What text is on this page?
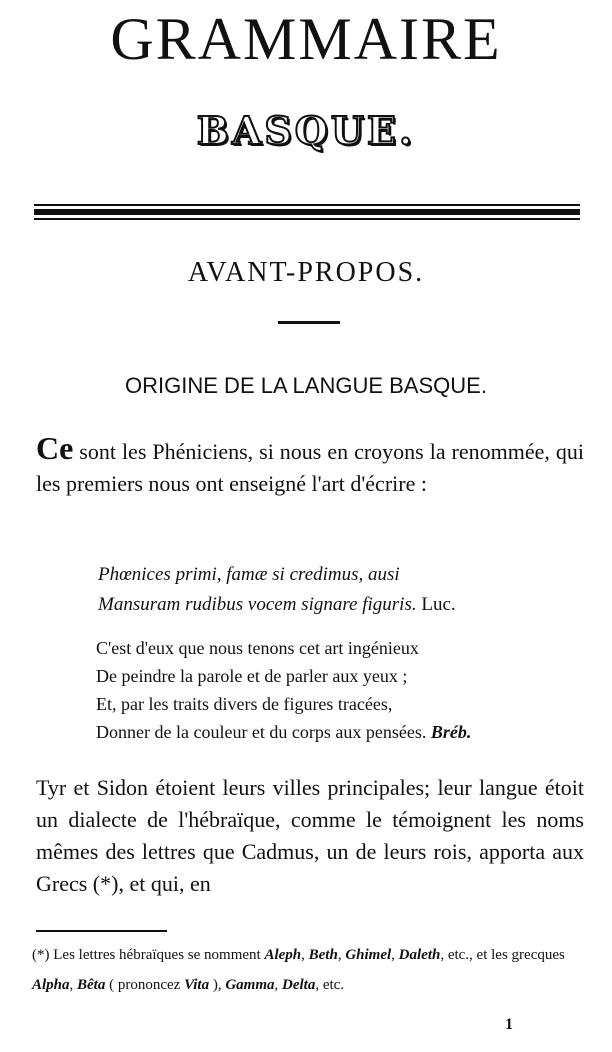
GRAMMAIRE
BASQUE.
AVANT-PROPOS.
ORIGINE DE LA LANGUE BASQUE.
Ce sont les Phéniciens, si nous en croyons la renommée, qui les premiers nous ont enseigné l'art d'écrire :
Phœnices primi, famæ si credimus, ausi
Mansuram rudibus vocem signare figuris. Luc.
C'est d'eux que nous tenons cet art ingénieux
De peindre la parole et de parler aux yeux ;
Et, par les traits divers de figures tracées,
Donner de la couleur et du corps aux pensées. Bréb.
Tyr et Sidon étoient leurs villes principales; leur langue étoit un dialecte de l'hébraïque, comme le témoignent les noms mêmes des lettres que Cadmus, un de leurs rois, apporta aux Grecs (*), et qui, en
(*) Les lettres hébraïques se nomment Aleph, Beth, Ghimel, Daleth, etc., et les grecques Alpha, Bêta ( prononcez Vita ), Gamma, Delta, etc.
1
